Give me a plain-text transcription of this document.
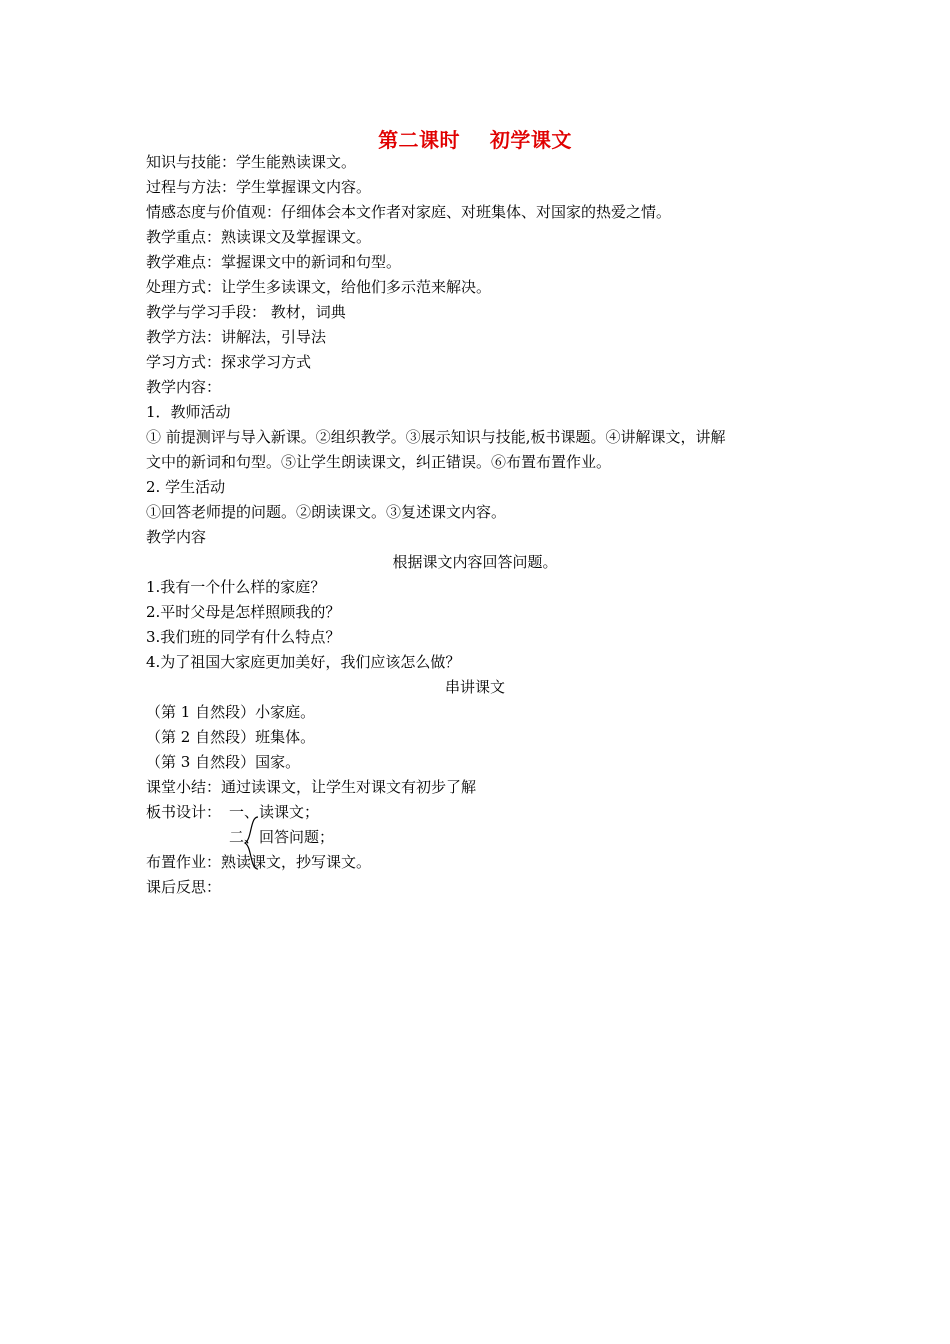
第二课时    初学课文
知识与技能：学生能熟读课文。
过程与方法：学生掌握课文内容。
情感态度与价值观：仔细体会本文作者对家庭、对班集体、对国家的热爱之情。
教学重点：熟读课文及掌握课文。
教学难点：掌握课文中的新词和句型。
处理方式：让学生多读课文，给他们多示范来解决。
教学与学习手段： 教材，词典
教学方法：讲解法，引导法
学习方式：探求学习方式
教学内容：
1．教师活动
① 前提测评与导入新课。②组织教学。③展示知识与技能,板书课题。④讲解课文，讲解
文中的新词和句型。⑤让学生朗读课文，纠正错误。⑥布置布置作业。
2. 学生活动
①回答老师提的问题。②朗读课文。③复述课文内容。
教学内容
根据课文内容回答问题。
1.我有一个什么样的家庭？
2.平时父母是怎样照顾我的？
3.我们班的同学有什么特点？
4.为了祖国大家庭更加美好，我们应该怎么做？
串讲课文
（第 1 自然段）小家庭。
（第 2 自然段）班集体。
（第 3 自然段）国家。
课堂小结：通过读课文，让学生对课文有初步了解
板书设计： 一、读课文；
二、回答问题；
布置作业：熟读课文，抄写课文。
课后反思：
